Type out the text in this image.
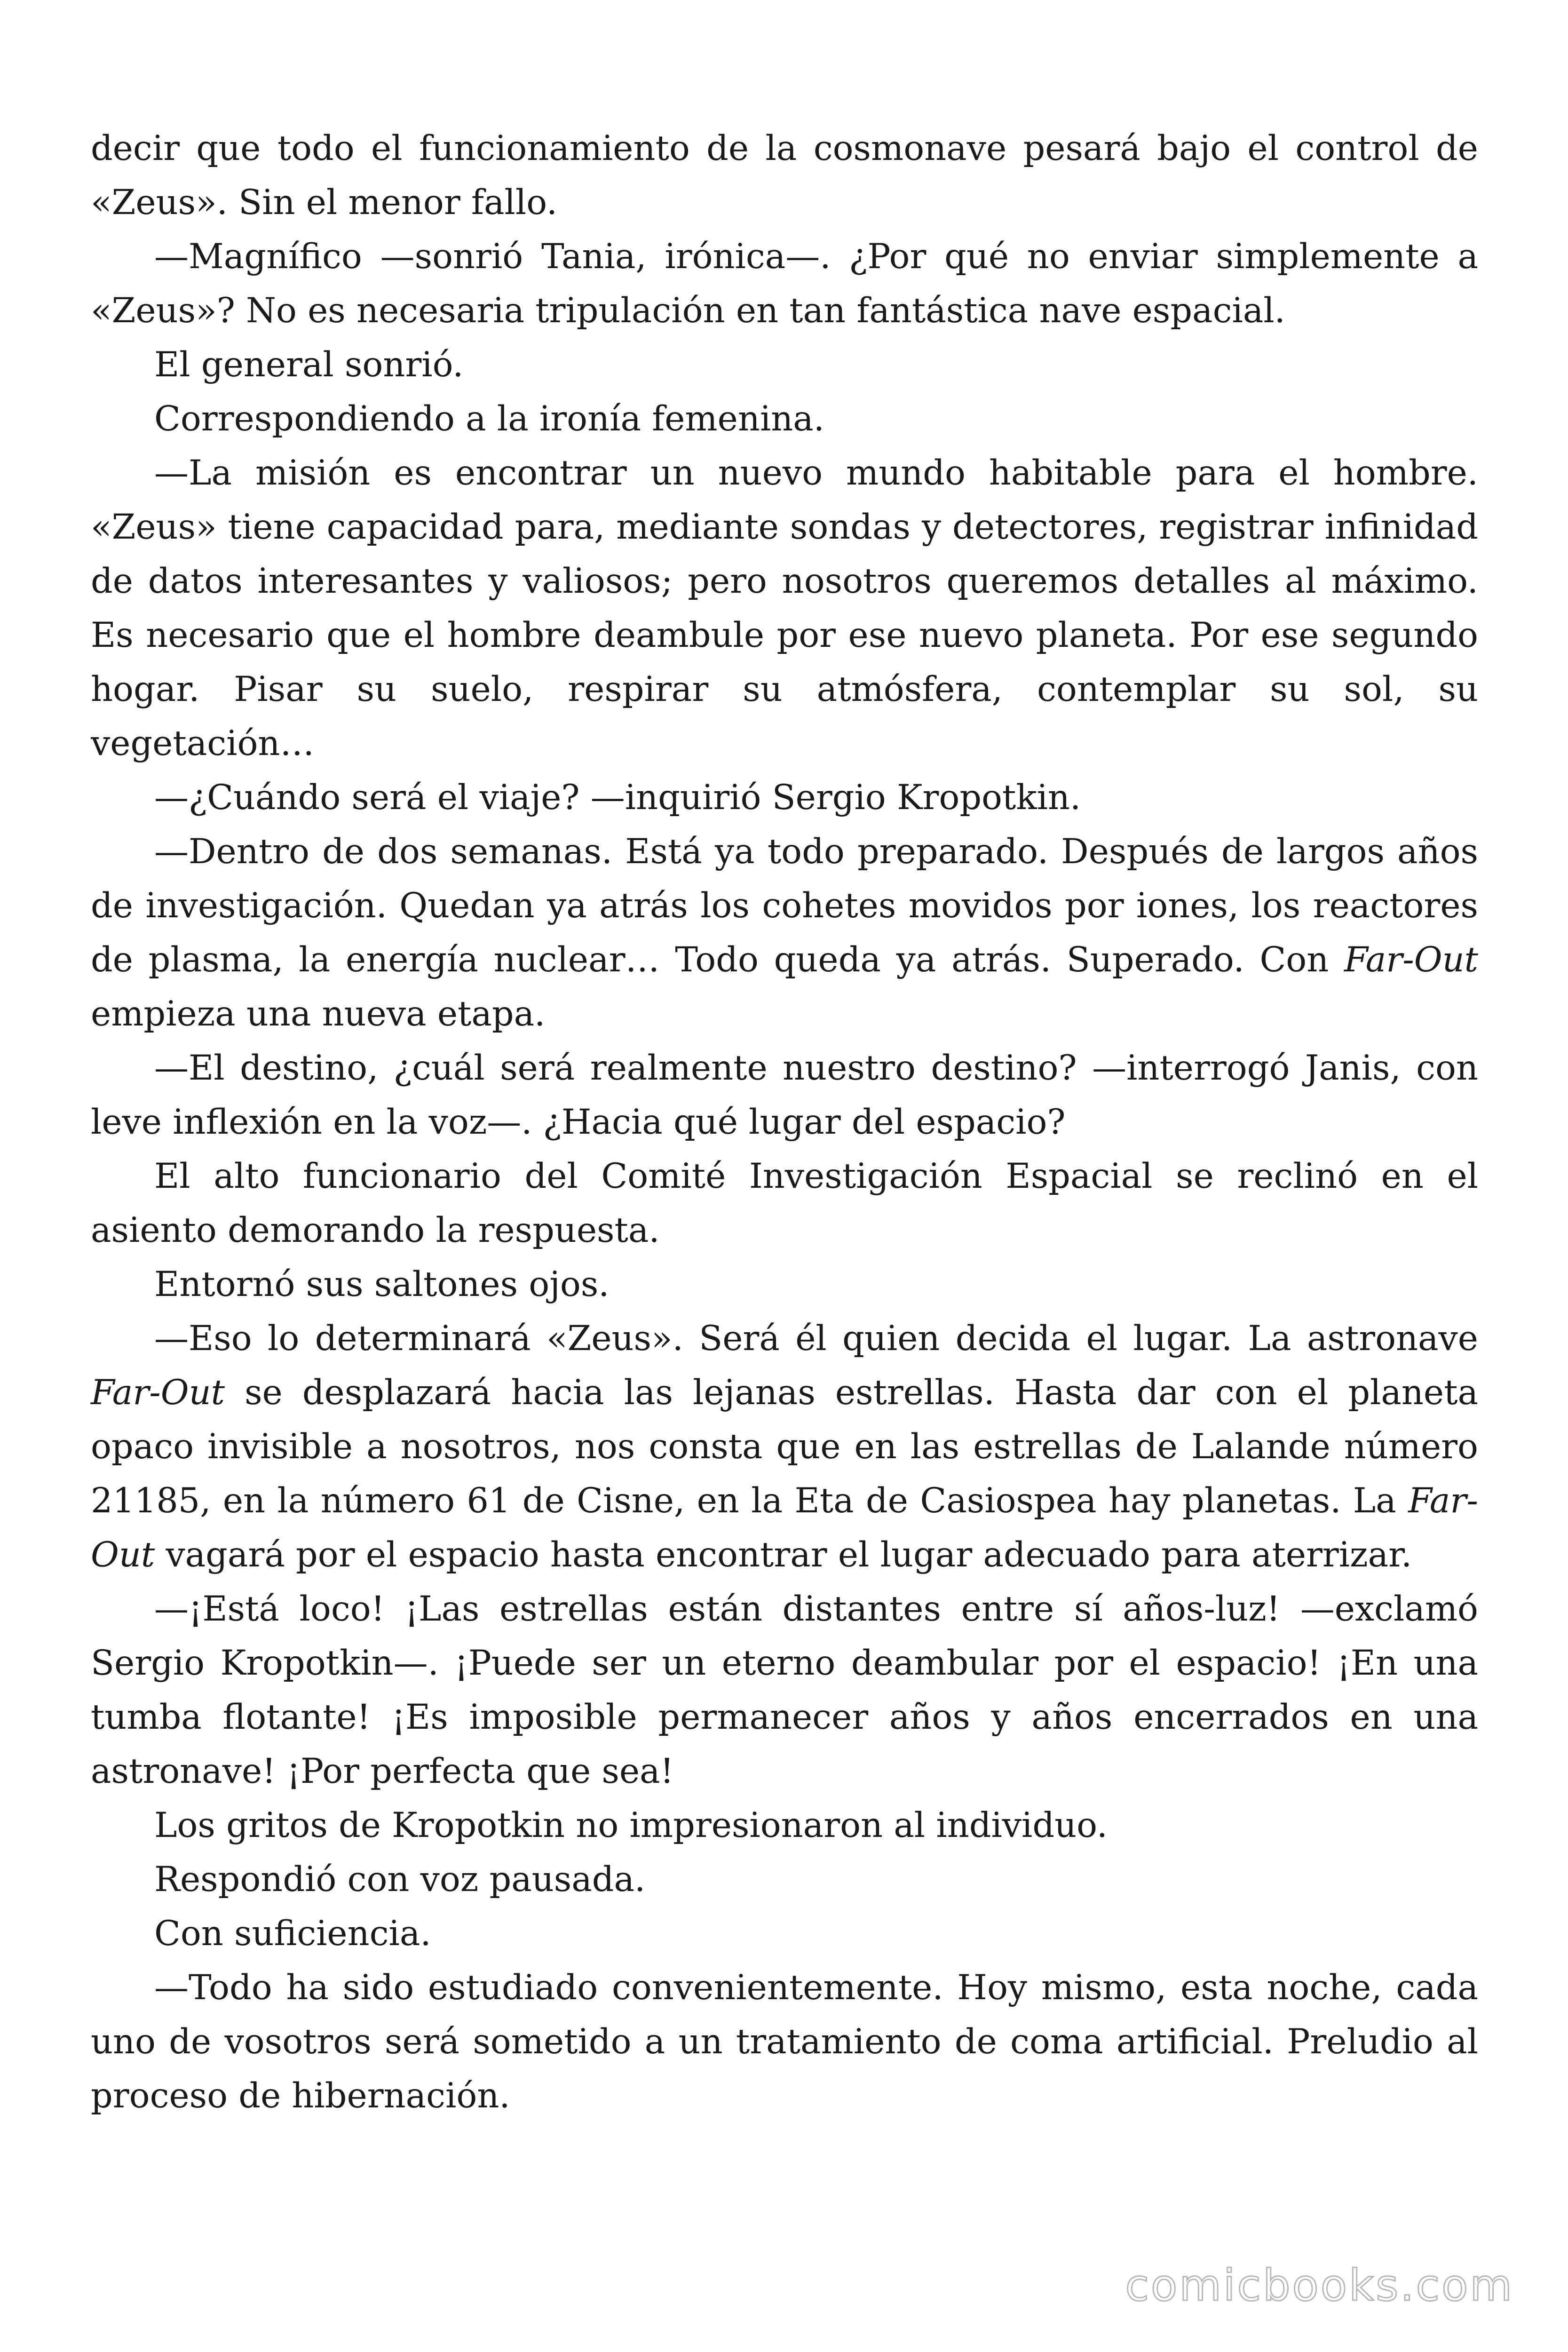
decir que todo el funcionamiento de la cosmonave pesará bajo el control de «Zeus». Sin el menor fallo.

—Magnífico —sonrió Tania, irónica—. ¿Por qué no enviar simplemente a «Zeus»? No es necesaria tripulación en tan fantástica nave espacial.

El general sonrió.

Correspondiendo a la ironía femenina.

—La misión es encontrar un nuevo mundo habitable para el hombre. «Zeus» tiene capacidad para, mediante sondas y detectores, registrar infinidad de datos interesantes y valiosos; pero nosotros queremos detalles al máximo. Es necesario que el hombre deambule por ese nuevo planeta. Por ese segundo hogar. Pisar su suelo, respirar su atmósfera, contemplar su sol, su vegetación…

—¿Cuándo será el viaje? —inquirió Sergio Kropotkin.

—Dentro de dos semanas. Está ya todo preparado. Después de largos años de investigación. Quedan ya atrás los cohetes movidos por iones, los reactores de plasma, la energía nuclear… Todo queda ya atrás. Superado. Con Far-Out empieza una nueva etapa.

—El destino, ¿cuál será realmente nuestro destino? —interrogó Janis, con leve inflexión en la voz—. ¿Hacia qué lugar del espacio?

El alto funcionario del Comité Investigación Espacial se reclinó en el asiento demorando la respuesta.

Entornó sus saltones ojos.

—Eso lo determinará «Zeus». Será él quien decida el lugar. La astronave Far-Out se desplazará hacia las lejanas estrellas. Hasta dar con el planeta opaco invisible a nosotros, nos consta que en las estrellas de Lalande número 21185, en la número 61 de Cisne, en la Eta de Casiospea hay planetas. La Far-Out vagará por el espacio hasta encontrar el lugar adecuado para aterrizar.

—¡Está loco! ¡Las estrellas están distantes entre sí años-luz! —exclamó Sergio Kropotkin—. ¡Puede ser un eterno deambular por el espacio! ¡En una tumba flotante! ¡Es imposible permanecer años y años encerrados en una astronave! ¡Por perfecta que sea!

Los gritos de Kropotkin no impresionaron al individuo.

Respondió con voz pausada.

Con suficiencia.

—Todo ha sido estudiado convenientemente. Hoy mismo, esta noche, cada uno de vosotros será sometido a un tratamiento de coma artificial. Preludio al proceso de hibernación.

comicbooks.com
